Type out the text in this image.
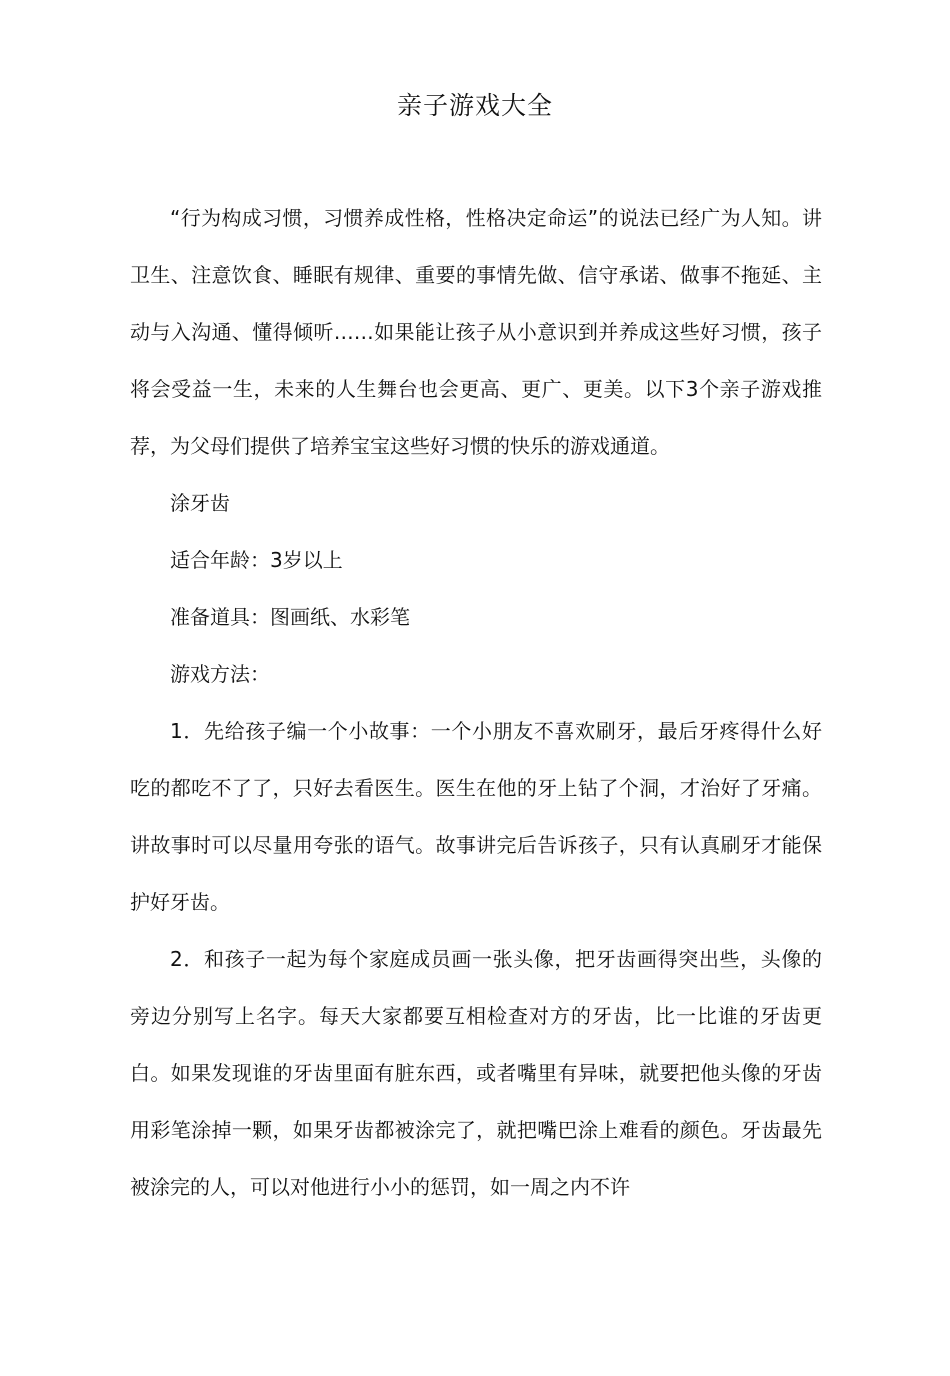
亲子游戏大全

“行为构成习惯，习惯养成性格，性格决定命运”的说法已经广为人知。讲卫生、注意饮食、睡眠有规律、重要的事情先做、信守承诺、做事不拖延、主动与入沟通、懂得倾听……如果能让孩子从小意识到并养成这些好习惯，孩子将会受益一生，未来的人生舞台也会更高、更广、更美。以下3个亲子游戏推荐，为父母们提供了培养宝宝这些好习惯的快乐的游戏通道。

涂牙齿

适合年龄：3岁以上

准备道具：图画纸、水彩笔

游戏方法：

1．先给孩子编一个小故事：一个小朋友不喜欢刷牙，最后牙疼得什么好吃的都吃不了了，只好去看医生。医生在他的牙上钻了个洞，才治好了牙痛。讲故事时可以尽量用夸张的语气。故事讲完后告诉孩子，只有认真刷牙才能保护好牙齿。

2．和孩子一起为每个家庭成员画一张头像，把牙齿画得突出些，头像的旁边分别写上名字。每天大家都要互相检查对方的牙齿，比一比谁的牙齿更白。如果发现谁的牙齿里面有脏东西，或者嘴里有异味，就要把他头像的牙齿用彩笔涂掉一颗，如果牙齿都被涂完了，就把嘴巴涂上难看的颜色。牙齿最先被涂完的人，可以对他进行小小的惩罚，如一周之内不许
